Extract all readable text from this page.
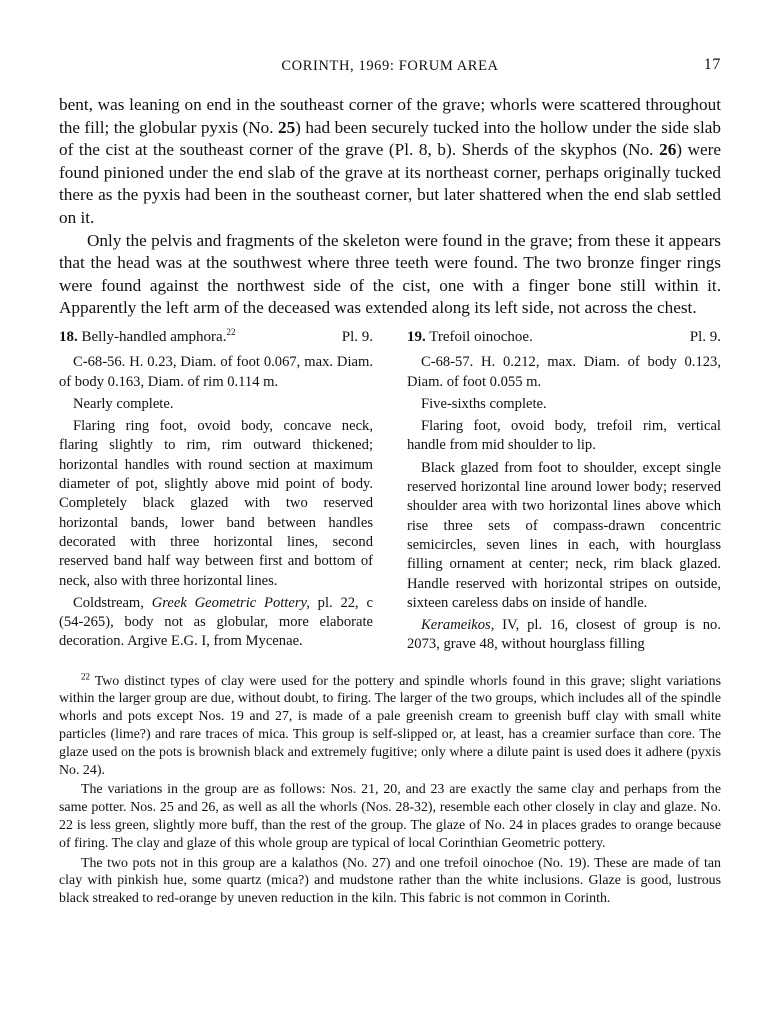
CORINTH, 1969: FORUM AREA	17

bent, was leaning on end in the southeast corner of the grave; whorls were scattered throughout the fill; the globular pyxis (No. 25) had been securely tucked into the hollow under the side slab of the cist at the southeast corner of the grave (Pl. 8, b). Sherds of the skyphos (No. 26) were found pinioned under the end slab of the grave at its northeast corner, perhaps originally tucked there as the pyxis had been in the southeast corner, but later shattered when the end slab settled on it.

Only the pelvis and fragments of the skeleton were found in the grave; from these it appears that the head was at the southwest where three teeth were found. The two bronze finger rings were found against the northwest side of the cist, one with a finger bone still within it. Apparently the left arm of the deceased was extended along its left side, not across the chest.

18. Belly-handled amphora.$^{22}$	Pl. 9.

C-68-56. H. 0.23, Diam. of foot 0.067, max. Diam. of body 0.163, Diam. of rim 0.114 m.

Nearly complete.

Flaring ring foot, ovoid body, concave neck, flaring slightly to rim, rim outward thickened; horizontal handles with round section at maximum diameter of pot, slightly above mid point of body. Completely black glazed with two reserved horizontal bands, lower band between handles decorated with three horizontal lines, second reserved band half way between first and bottom of neck, also with three horizontal lines.

Coldstream, Greek Geometric Pottery, pl. 22, c (54-265), body not as globular, more elaborate decoration. Argive E.G. I, from Mycenae.

19. Trefoil oinochoe.	Pl. 9.

C-68-57. H. 0.212, max. Diam. of body 0.123, Diam. of foot 0.055 m.

Five-sixths complete.

Flaring foot, ovoid body, trefoil rim, vertical handle from mid shoulder to lip.

Black glazed from foot to shoulder, except single reserved horizontal line around lower body; reserved shoulder area with two horizontal lines above which rise three sets of compass-drawn concentric semicircles, seven lines in each, with hourglass filling ornament at center; neck, rim black glazed. Handle reserved with horizontal stripes on outside, sixteen careless dabs on inside of handle.

Kerameikos, IV, pl. 16, closest of group is no. 2073, grave 48, without hourglass filling

$^{22}$ Two distinct types of clay were used for the pottery and spindle whorls found in this grave; slight variations within the larger group are due, without doubt, to firing. The larger of the two groups, which includes all of the spindle whorls and pots except Nos. 19 and 27, is made of a pale greenish cream to greenish buff clay with small white particles (lime?) and rare traces of mica. This group is self-slipped or, at least, has a creamier surface than core. The glaze used on the pots is brownish black and extremely fugitive; only where a dilute paint is used does it adhere (pyxis No. 24).

The variations in the group are as follows: Nos. 21, 20, and 23 are exactly the same clay and perhaps from the same potter. Nos. 25 and 26, as well as all the whorls (Nos. 28-32), resemble each other closely in clay and glaze. No. 22 is less green, slightly more buff, than the rest of the group. The glaze of No. 24 in places grades to orange because of firing. The clay and glaze of this whole group are typical of local Corinthian Geometric pottery.

The two pots not in this group are a kalathos (No. 27) and one trefoil oinochoe (No. 19). These are made of tan clay with pinkish hue, some quartz (mica?) and mudstone rather than the white inclusions. Glaze is good, lustrous black streaked to red-orange by uneven reduction in the kiln. This fabric is not common in Corinth.
